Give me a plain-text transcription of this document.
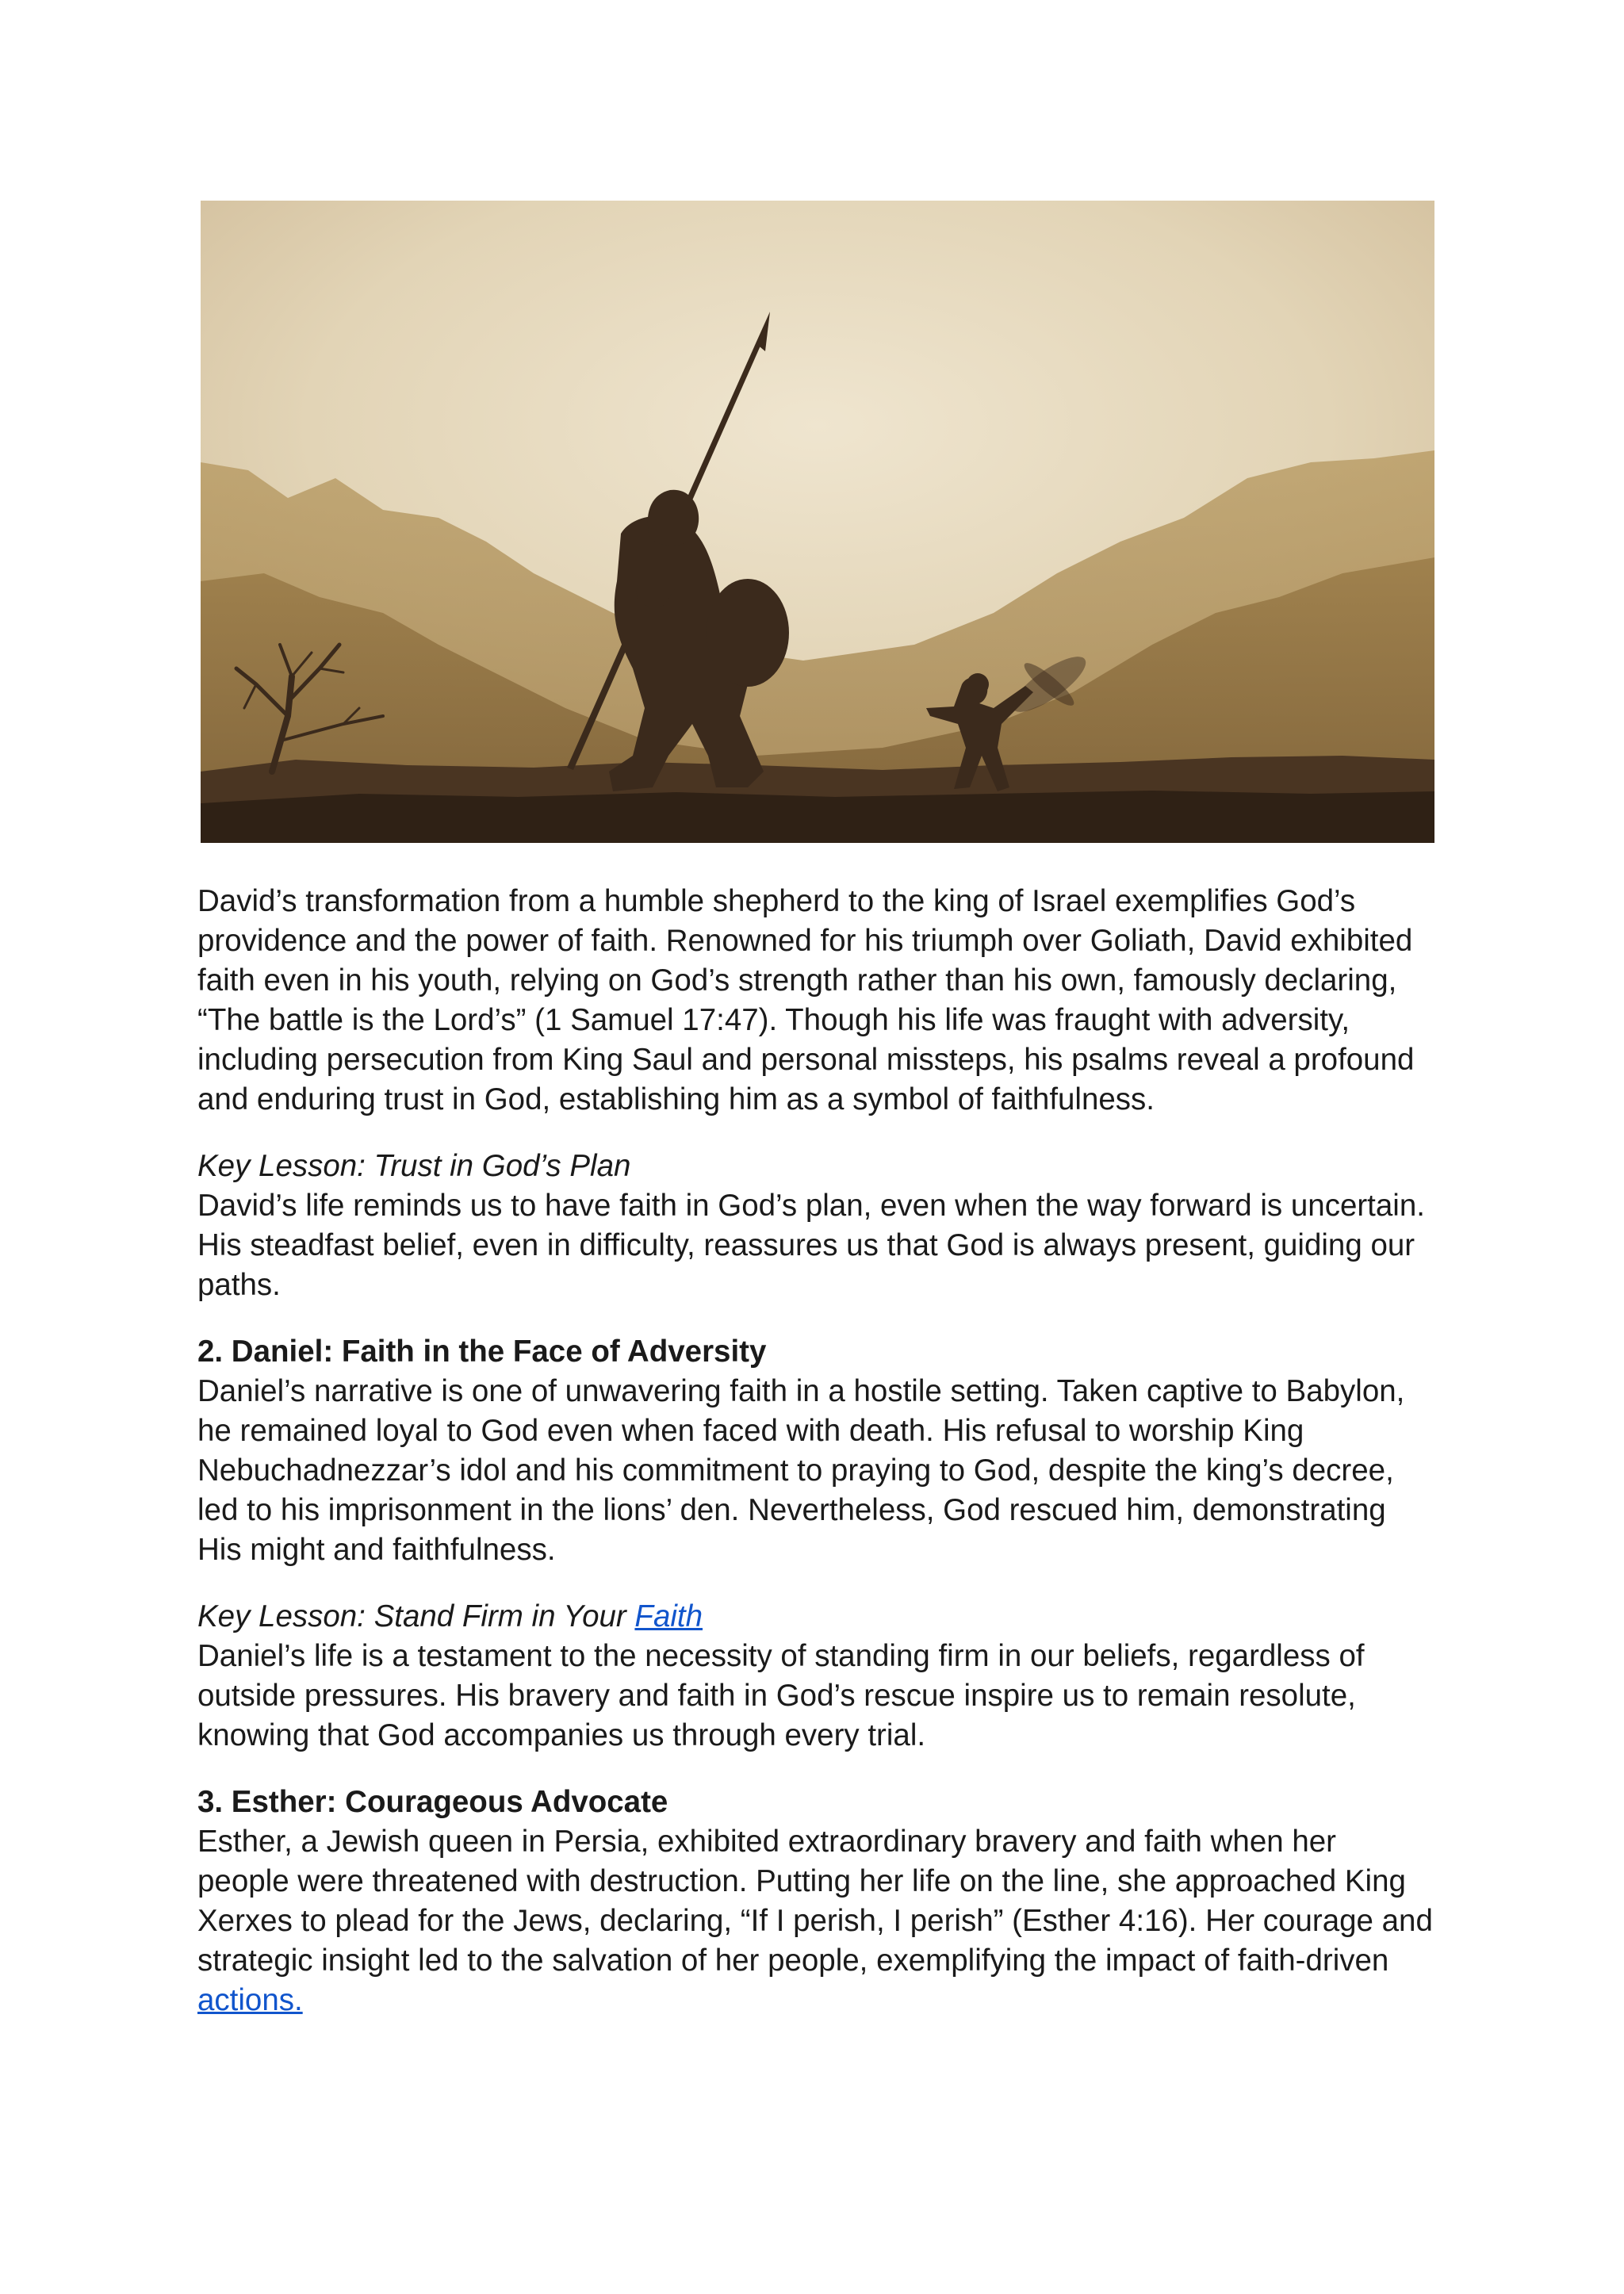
David’s transformation from a humble shepherd to the king of Israel exemplifies God’s providence and the power of faith. Renowned for his triumph over Goliath, David exhibited faith even in his youth, relying on God’s strength rather than his own, famously declaring, “The battle is the Lord’s” (1 Samuel 17:47). Though his life was fraught with adversity, including persecution from King Saul and personal missteps, his psalms reveal a profound and enduring trust in God, establishing him as a symbol of faithfulness.

Key Lesson: Trust in God’s Plan

David’s life reminds us to have faith in God’s plan, even when the way forward is uncertain. His steadfast belief, even in difficulty, reassures us that God is always present, guiding our paths.

2. Daniel: Faith in the Face of Adversity

Daniel’s narrative is one of unwavering faith in a hostile setting. Taken captive to Babylon, he remained loyal to God even when faced with death. His refusal to worship King Nebuchadnezzar’s idol and his commitment to praying to God, despite the king’s decree, led to his imprisonment in the lions’ den. Nevertheless, God rescued him, demonstrating His might and faithfulness.

Key Lesson: Stand Firm in Your Faith

Daniel’s life is a testament to the necessity of standing firm in our beliefs, regardless of outside pressures. His bravery and faith in God’s rescue inspire us to remain resolute, knowing that God accompanies us through every trial.

3. Esther: Courageous Advocate

Esther, a Jewish queen in Persia, exhibited extraordinary bravery and faith when her people were threatened with destruction. Putting her life on the line, she approached King Xerxes to plead for the Jews, declaring, “If I perish, I perish” (Esther 4:16). Her courage and strategic insight led to the salvation of her people, exemplifying the impact of faith-driven actions.
